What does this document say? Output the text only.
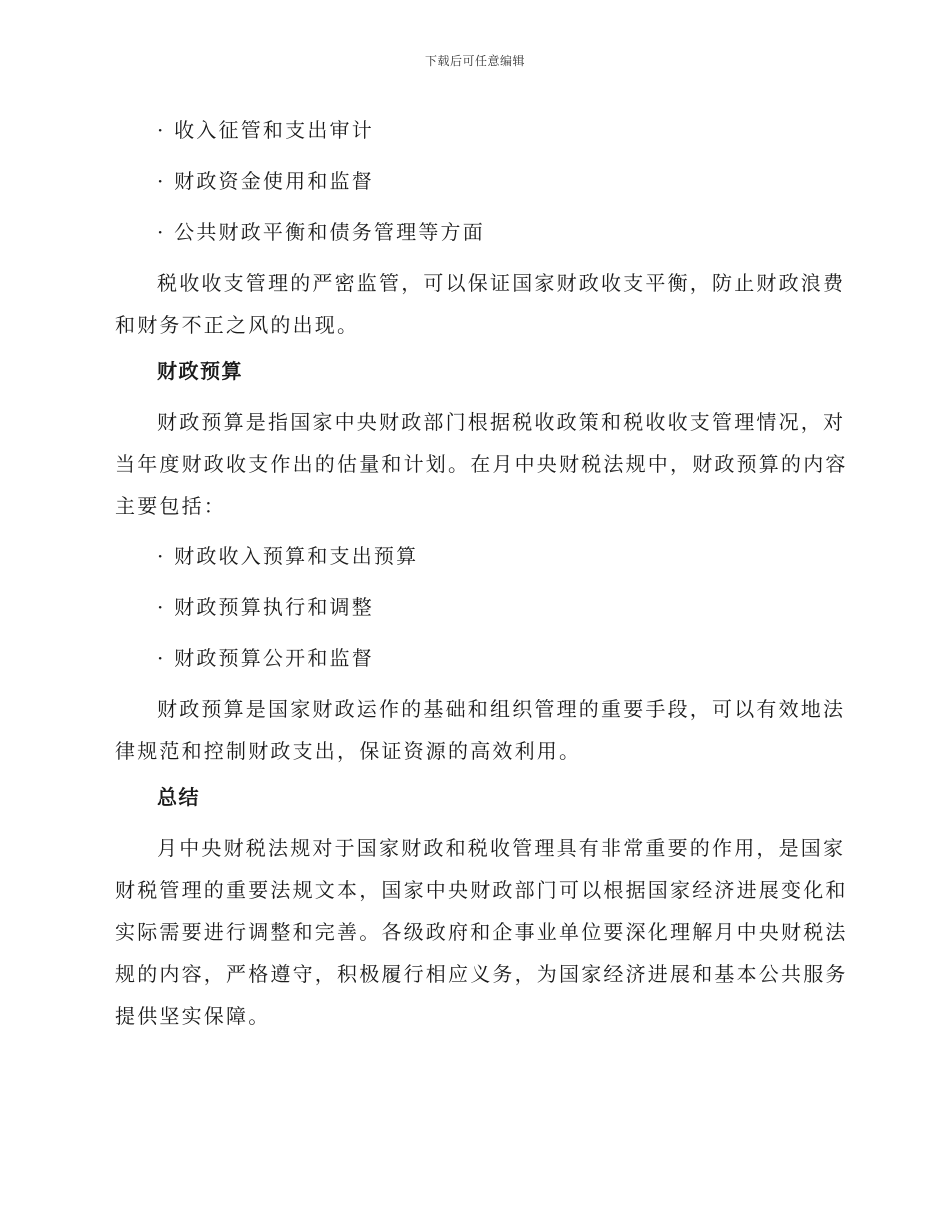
下载后可任意编辑
· 收入征管和支出审计
· 财政资金使用和监督
· 公共财政平衡和债务管理等方面
税收收支管理的严密监管，可以保证国家财政收支平衡，防止财政浪费
和财务不正之风的出现。
财政预算
财政预算是指国家中央财政部门根据税收政策和税收收支管理情况，对
当年度财政收支作出的估量和计划。在月中央财税法规中，财政预算的内容
主要包括：
· 财政收入预算和支出预算
· 财政预算执行和调整
· 财政预算公开和监督
财政预算是国家财政运作的基础和组织管理的重要手段，可以有效地法
律规范和控制财政支出，保证资源的高效利用。
总结
月中央财税法规对于国家财政和税收管理具有非常重要的作用，是国家
财税管理的重要法规文本，国家中央财政部门可以根据国家经济进展变化和
实际需要进行调整和完善。各级政府和企事业单位要深化理解月中央财税法
规的内容，严格遵守，积极履行相应义务，为国家经济进展和基本公共服务
提供坚实保障。
